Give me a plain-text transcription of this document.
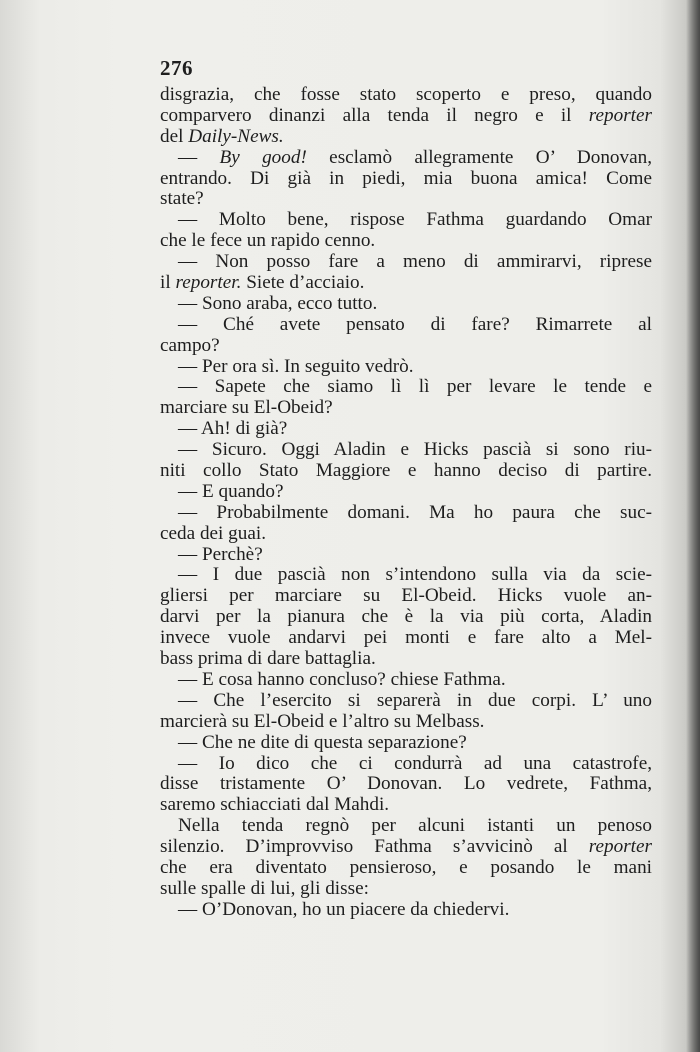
276
disgrazia, che fosse stato scoperto e preso, quando
comparvero dinanzi alla tenda il negro e il reporter
del Daily-News.
— By good! esclamò allegramente O’ Donovan,
entrando. Di già in piedi, mia buona amica! Come
state?
— Molto bene, rispose Fathma guardando Omar
che le fece un rapido cenno.
— Non posso fare a meno di ammirarvi, riprese
il reporter. Siete d’acciaio.
— Sono araba, ecco tutto.
— Ché avete pensato di fare? Rimarrete al
campo?
— Per ora sì. In seguito vedrò.
— Sapete che siamo lì lì per levare le tende e
marciare su El-Obeid?
— Ah! di già?
— Sicuro. Oggi Aladin e Hicks pascià si sono riu-
niti collo Stato Maggiore e hanno deciso di partire.
— E quando?
— Probabilmente domani. Ma ho paura che suc-
ceda dei guai.
— Perchè?
— I due pascià non s’intendono sulla via da scie-
gliersi per marciare su El-Obeid. Hicks vuole an-
darvi per la pianura che è la via più corta, Aladin
invece vuole andarvi pei monti e fare alto a Mel-
bass prima di dare battaglia.
— E cosa hanno concluso? chiese Fathma.
— Che l’esercito si separerà in due corpi. L’ uno
marcierà su El-Obeid e l’altro su Melbass.
— Che ne dite di questa separazione?
— Io dico che ci condurrà ad una catastrofe,
disse tristamente O’ Donovan. Lo vedrete, Fathma,
saremo schiacciati dal Mahdi.
Nella tenda regnò per alcuni istanti un penoso
silenzio. D’improvviso Fathma s’avvicinò al reporter
che era diventato pensieroso, e posando le mani
sulle spalle di lui, gli disse:
— O’Donovan, ho un piacere da chiedervi.
